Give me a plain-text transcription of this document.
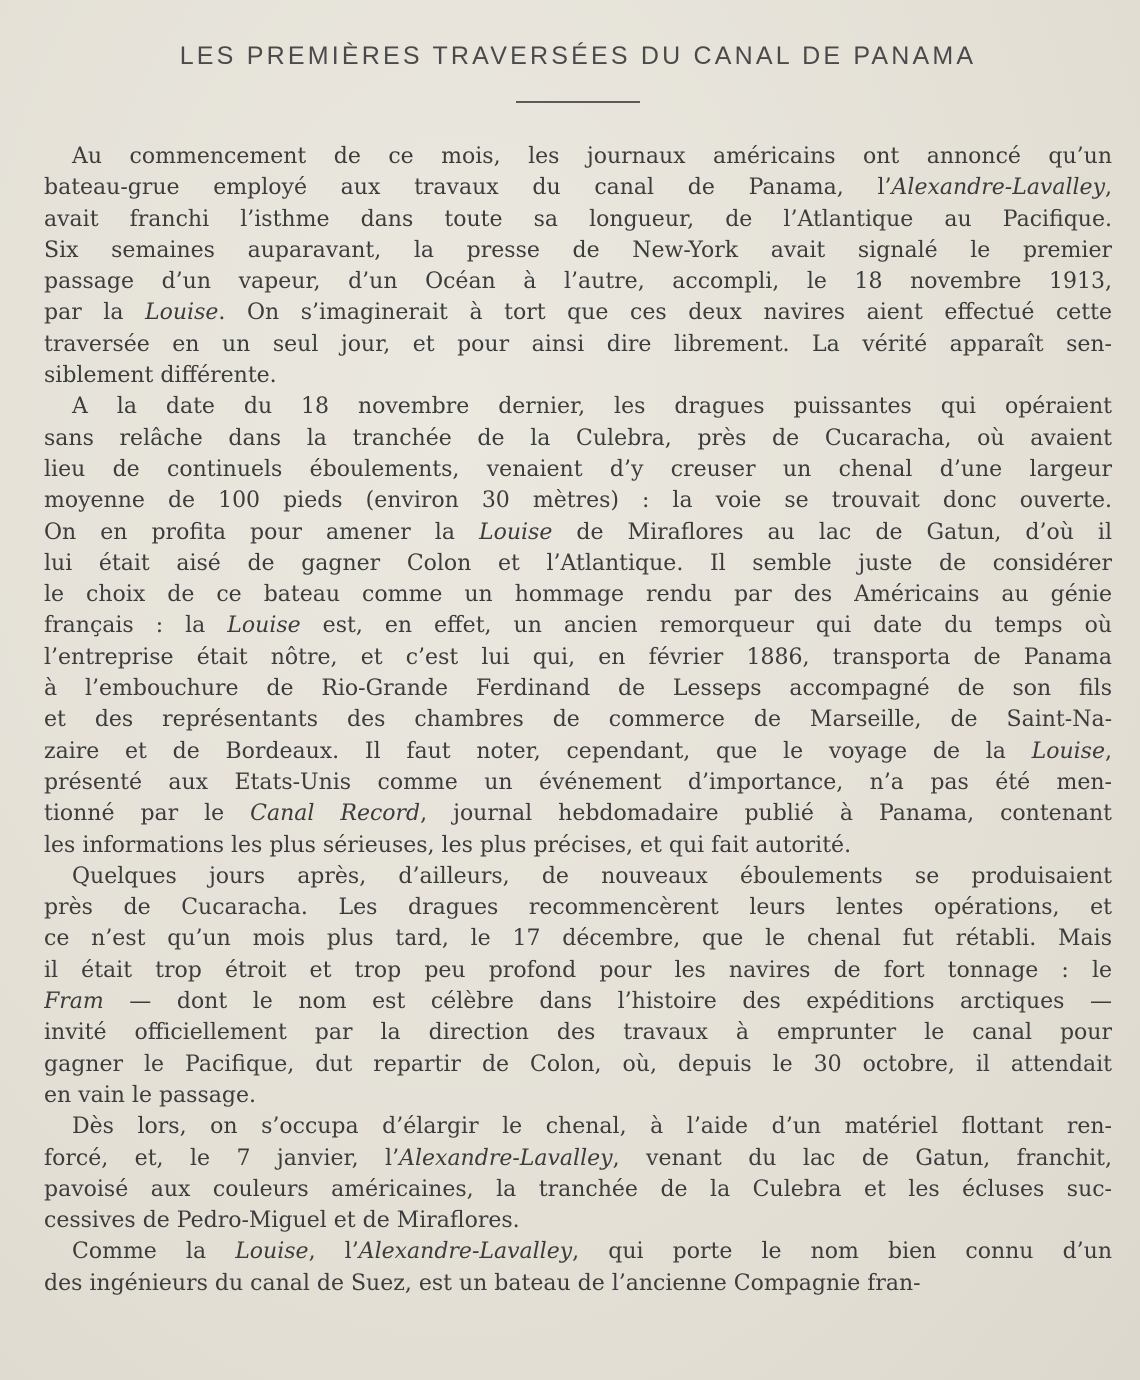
LES PREMIÈRES TRAVERSÉES DU CANAL DE PANAMA
Au commencement de ce mois, les journaux américains ont annoncé qu’un
bateau-grue employé aux travaux du canal de Panama, l’Alexandre-Lavalley,
avait franchi l’isthme dans toute sa longueur, de l’Atlantique au Pacifique.
Six semaines auparavant, la presse de New-York avait signalé le premier
passage d’un vapeur, d’un Océan à l’autre, accompli, le 18 novembre 1913,
par la Louise. On s’imaginerait à tort que ces deux navires aient effectué cette
traversée en un seul jour, et pour ainsi dire librement. La vérité apparaît sen-
siblement différente.
A la date du 18 novembre dernier, les dragues puissantes qui opéraient
sans relâche dans la tranchée de la Culebra, près de Cucaracha, où avaient
lieu de continuels éboulements, venaient d’y creuser un chenal d’une largeur
moyenne de 100 pieds (environ 30 mètres) : la voie se trouvait donc ouverte.
On en profita pour amener la Louise de Miraflores au lac de Gatun, d’où il
lui était aisé de gagner Colon et l’Atlantique. Il semble juste de considérer
le choix de ce bateau comme un hommage rendu par des Américains au génie
français : la Louise est, en effet, un ancien remorqueur qui date du temps où
l’entreprise était nôtre, et c’est lui qui, en février 1886, transporta de Panama
à l’embouchure de Rio-Grande Ferdinand de Lesseps accompagné de son fils
et des représentants des chambres de commerce de Marseille, de Saint-Na-
zaire et de Bordeaux. Il faut noter, cependant, que le voyage de la Louise,
présenté aux Etats-Unis comme un événement d’importance, n’a pas été men-
tionné par le Canal Record, journal hebdomadaire publié à Panama, contenant
les informations les plus sérieuses, les plus précises, et qui fait autorité.
Quelques jours après, d’ailleurs, de nouveaux éboulements se produisaient
près de Cucaracha. Les dragues recommencèrent leurs lentes opérations, et
ce n’est qu’un mois plus tard, le 17 décembre, que le chenal fut rétabli. Mais
il était trop étroit et trop peu profond pour les navires de fort tonnage : le
Fram — dont le nom est célèbre dans l’histoire des expéditions arctiques —
invité officiellement par la direction des travaux à emprunter le canal pour
gagner le Pacifique, dut repartir de Colon, où, depuis le 30 octobre, il attendait
en vain le passage.
Dès lors, on s’occupa d’élargir le chenal, à l’aide d’un matériel flottant ren-
forcé, et, le 7 janvier, l’Alexandre-Lavalley, venant du lac de Gatun, franchit,
pavoisé aux couleurs américaines, la tranchée de la Culebra et les écluses suc-
cessives de Pedro-Miguel et de Miraflores.
Comme la Louise, l’Alexandre-Lavalley, qui porte le nom bien connu d’un
des ingénieurs du canal de Suez, est un bateau de l’ancienne Compagnie fran-
